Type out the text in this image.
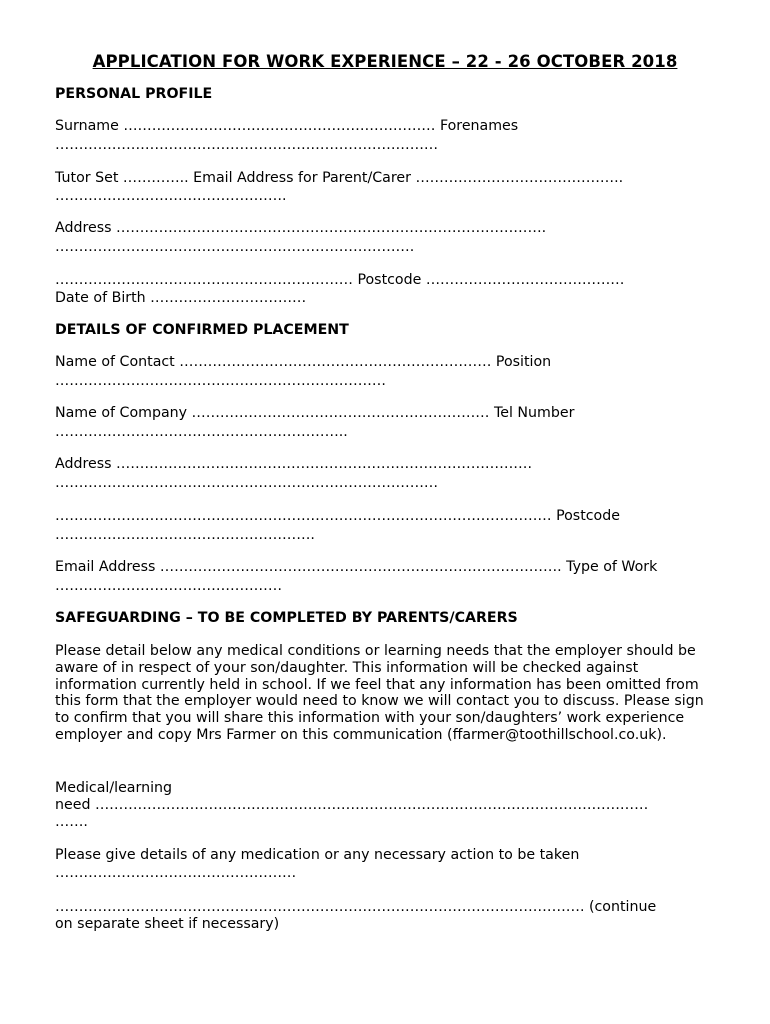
APPLICATION FOR WORK EXPERIENCE – 22 - 26 OCTOBER 2018
PERSONAL PROFILE
Surname ………………………………………………………… Forenames
………………………………………………………………………
Tutor Set ………….. Email Address for Parent/Carer ……………………………………..
………………………………………….
Address ……………………………………………………………………………….
………………………………………………………………….
……………………………………………………… Postcode ……………………………………
Date of Birth ……………………………
DETAILS OF CONFIRMED PLACEMENT
Name of Contact ………………………………………………………… Position
…………………………………………………………….
Name of Company ……………………………………………………… Tel Number
……………………………………………………..
Address …………………………………………………………………………….
………………………………………………………………………
…………………………………………………………………………………………… Postcode
……………………………………………….
Email Address …………………………………………………………………………. Type of Work
…………………………………………
SAFEGUARDING – TO BE COMPLETED BY PARENTS/CARERS
Please detail below any medical conditions or learning needs that the employer should be aware of in respect of your son/daughter. This information will be checked against information currently held in school. If we feel that any information has been omitted from this form that the employer would need to know we will contact you to discuss. Please sign to confirm that you will share this information with your son/daughters’ work experience employer and copy Mrs Farmer on this communication (ffarmer@toothillschool.co.uk).
Medical/learning
need ………………………………………………………………………………………………………
…….
Please give details of any medication or any necessary action to be taken
……………………………………………
…………………………………………………………………………………………………. (continue
on separate sheet if necessary)
